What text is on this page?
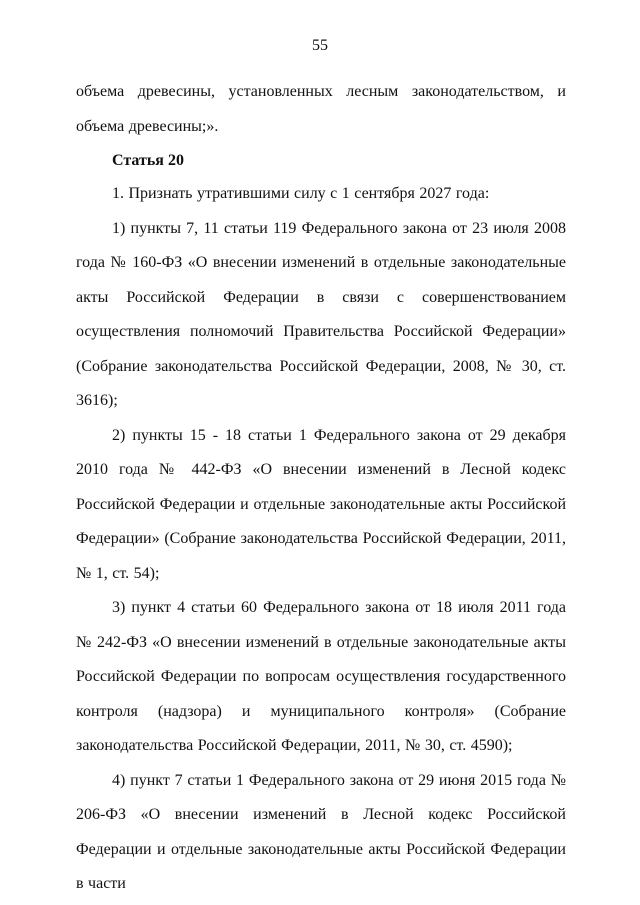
55

объема древесины, установленных лесным законодательством, и объема древесины;».

Статья 20

1. Признать утратившими силу с 1 сентября 2027 года:

1) пункты 7, 11 статьи 119 Федерального закона от 23 июля 2008 года № 160-ФЗ «О внесении изменений в отдельные законодательные акты Российской Федерации в связи с совершенствованием осуществления полномочий Правительства Российской Федерации» (Собрание законодательства Российской Федерации, 2008, № 30, ст. 3616);

2) пункты 15 - 18 статьи 1 Федерального закона от 29 декабря 2010 года № 442-ФЗ «О внесении изменений в Лесной кодекс Российской Федерации и отдельные законодательные акты Российской Федерации» (Собрание законодательства Российской Федерации, 2011, № 1, ст. 54);

3) пункт 4 статьи 60 Федерального закона от 18 июля 2011 года № 242-ФЗ «О внесении изменений в отдельные законодательные акты Российской Федерации по вопросам осуществления государственного контроля (надзора) и муниципального контроля» (Собрание законодательства Российской Федерации, 2011, № 30, ст. 4590);

4) пункт 7 статьи 1 Федерального закона от 29 июня 2015 года № 206-ФЗ «О внесении изменений в Лесной кодекс Российской Федерации и отдельные законодательные акты Российской Федерации в части
